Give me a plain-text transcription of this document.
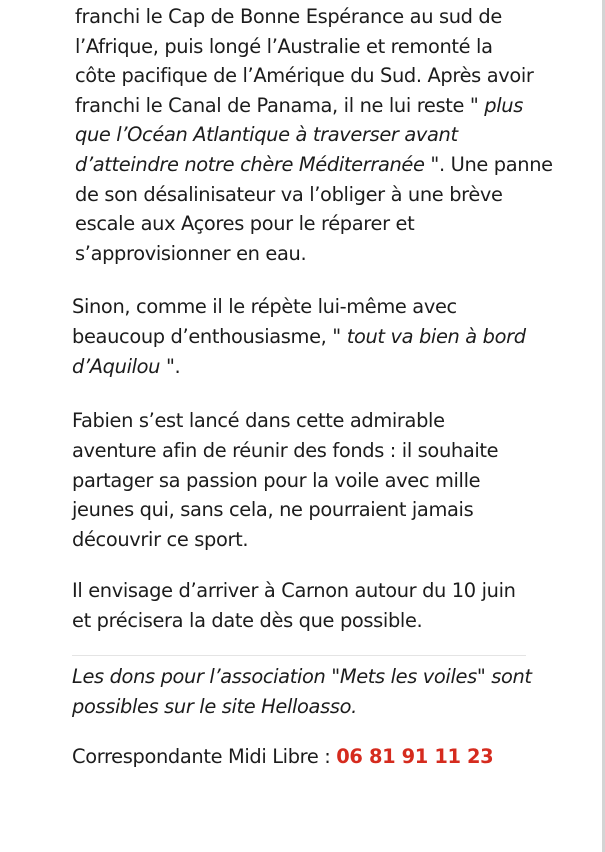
franchi le Cap de Bonne Espérance au sud de
l’Afrique, puis longé l’Australie et remonté la
côte pacifique de l’Amérique du Sud. Après avoir
franchi le Canal de Panama, il ne lui reste " plus
que l’Océan Atlantique à traverser avant
d’atteindre notre chère Méditerranée ". Une panne
de son désalinisateur va l’obliger à une brève
escale aux Açores pour le réparer et
s’approvisionner en eau.

Sinon, comme il le répète lui-même avec
beaucoup d’enthousiasme, " tout va bien à bord
d’Aquilou ".

Fabien s’est lancé dans cette admirable
aventure afin de réunir des fonds : il souhaite
partager sa passion pour la voile avec mille
jeunes qui, sans cela, ne pourraient jamais
découvrir ce sport.

Il envisage d’arriver à Carnon autour du 10 juin
et précisera la date dès que possible.

Les dons pour l’association "Mets les voiles" sont
possibles sur le site Helloasso.

Correspondante Midi Libre : 06 81 91 11 23
